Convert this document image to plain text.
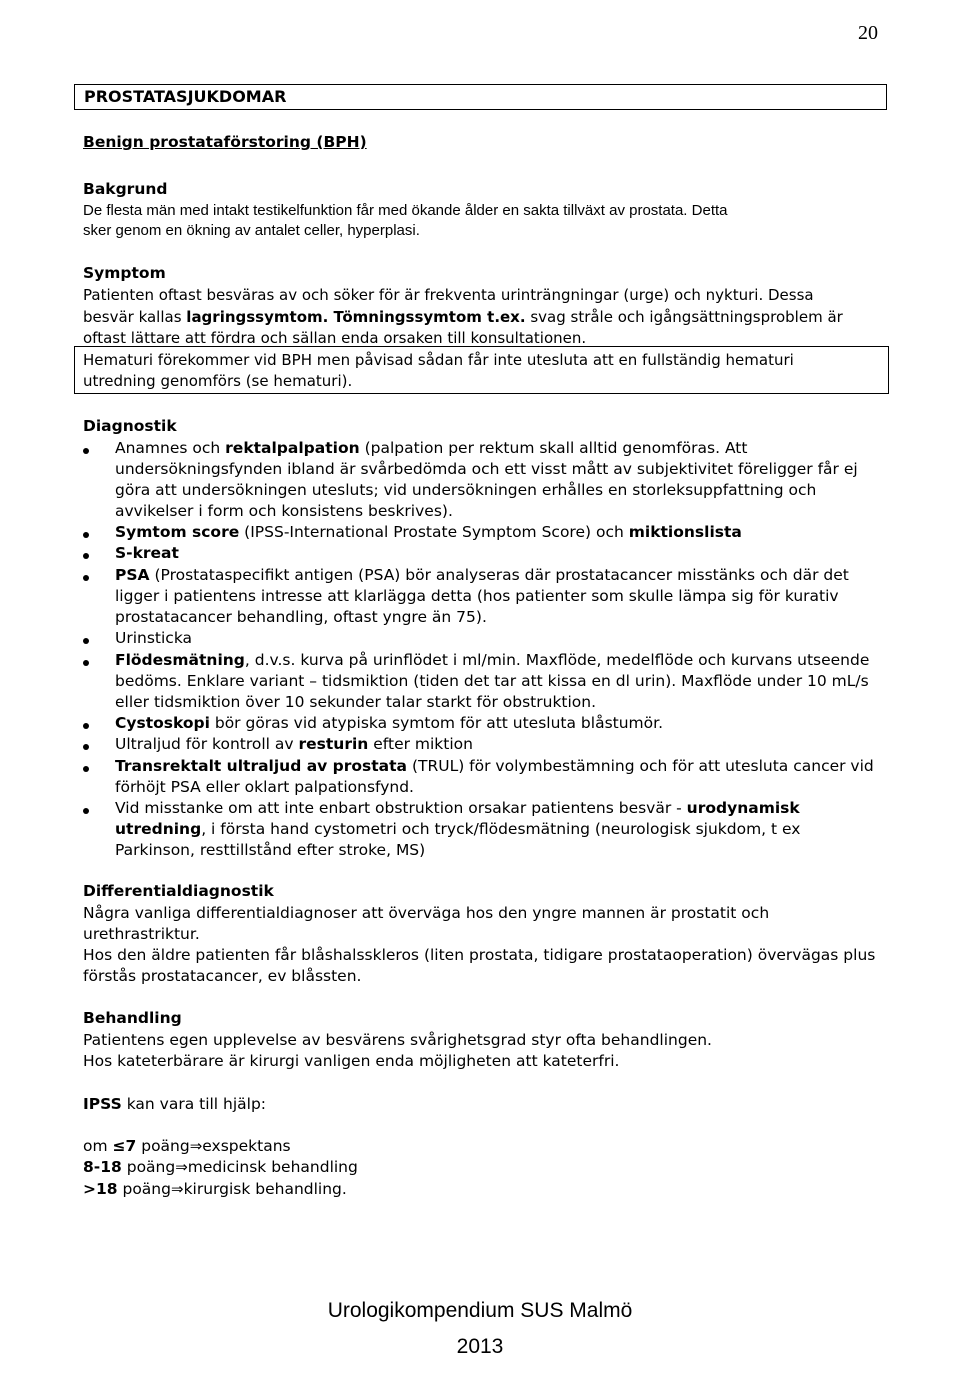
20
PROSTATASJUKDOMAR
Benign prostataförstoring (BPH)
Bakgrund
De flesta män med intakt testikelfunktion får med ökande ålder en sakta tillväxt av prostata. Detta
sker genom en ökning av antalet celler, hyperplasi.
Symptom
Patienten oftast besväras av och söker för är frekventa urinträngningar (urge) och nykturi. Dessa
besvär kallas lagringssymtom. Tömningssymtom t.ex. svag stråle och igångsättningsproblem är
oftast lättare att fördra och sällan enda orsaken till konsultationen.
Hematuri förekommer vid BPH men påvisad sådan får inte utesluta att en fullständig hematuri
utredning genomförs (se hematuri).
Diagnostik
Anamnes och rektalpalpation (palpation per rektum skall alltid genomföras. Att
undersökningsfynden ibland är svårbedömda och ett visst mått av subjektivitet föreligger får ej
göra att undersökningen utesluts; vid undersökningen erhålles en storleksuppfattning och
avvikelser i form och konsistens beskrives).
Symtom score (IPSS-International Prostate Symptom Score) och miktionslista
S-kreat
PSA (Prostataspecifikt antigen (PSA) bör analyseras där prostatacancer misstänks och där det
ligger i patientens intresse att klarlägga detta (hos patienter som skulle lämpa sig för kurativ
prostatacancer behandling, oftast yngre än 75).
Urinsticka
Flödesmätning, d.v.s. kurva på urinflödet i ml/min. Maxflöde, medelflöde och kurvans utseende
bedöms. Enklare variant – tidsmiktion (tiden det tar att kissa en dl urin). Maxflöde under 10 mL/s
eller tidsmiktion över 10 sekunder talar starkt för obstruktion.
Cystoskopi bör göras vid atypiska symtom för att utesluta blåstumör.
Ultraljud för kontroll av resturin efter miktion
Transrektalt ultraljud av prostata (TRUL) för volymbestämning och för att utesluta cancer vid
förhöjt PSA eller oklart palpationsfynd.
Vid misstanke om att inte enbart obstruktion orsakar patientens besvär - urodynamisk
utredning, i första hand cystometri och tryck/flödesmätning (neurologisk sjukdom, t ex
Parkinson, resttillstånd efter stroke, MS)
Differentialdiagnostik
Några vanliga differentialdiagnoser att överväga hos den yngre mannen är prostatit och
urethrastriktur.
Hos den äldre patienten får blåshalsskleros (liten prostata, tidigare prostataoperation) övervägas plus
förstås prostatacancer, ev blåssten.
Behandling
Patientens egen upplevelse av besvärens svårighetsgrad styr ofta behandlingen.
Hos kateterbärare är kirurgi vanligen enda möjligheten att kateterfri.
IPSS kan vara till hjälp:
om ≤7 poäng⇒exspektans
8-18 poäng⇒medicinsk behandling
>18 poäng⇒kirurgisk behandling.
Urologikompendium SUS Malmö
2013
